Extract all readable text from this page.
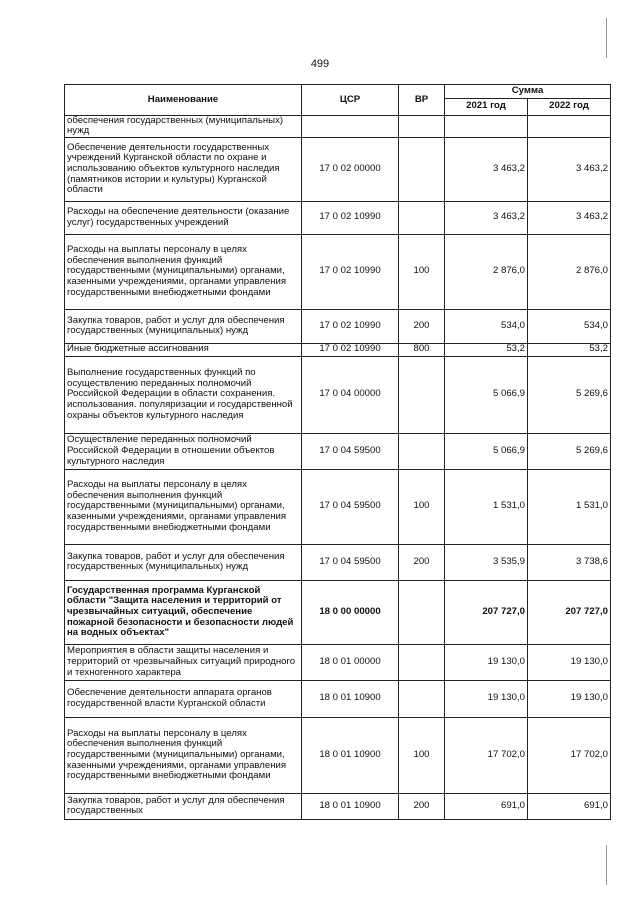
499
Наименование	ЦСР	ВР	Сумма	
			2021 год	2022 год
обеспечения государственных (муниципальных) нужд				
Обеспечение деятельности государственных учреждений Курганской области по охране и использованию объектов культурного наследия (памятников истории и культуры) Курганской области	17 0 02 00000		3 463,2	3 463,2
Расходы на обеспечение деятельности (оказание услуг) государственных учреждений	17 0 02 10990		3 463,2	3 463,2
Расходы на выплаты персоналу в целях обеспечения выполнения функций государственными (муниципальными) органами, казенными учреждениями, органами управления государственными внебюджетными фондами	17 0 02 10990	100	2 876,0	2 876,0
Закупка товаров, работ и услуг для обеспечения государственных (муниципальных) нужд	17 0 02 10990	200	534,0	534,0
Иные бюджетные ассигнования	17 0 02 10990	800	53,2	53,2
Выполнение государственных функций по осуществлению переданных полномочий Российской Федерации в области сохранения. использования. популяризации и государственной охраны объектов культурного наследия	17 0 04 00000		5 066,9	5 269,6
Осуществление переданных полномочий Российской Федерации в отношении объектов культурного наследия	17 0 04 59500		5 066,9	5 269,6
Расходы на выплаты персоналу в целях обеспечения выполнения функций государственными (муниципальными) органами, казенными учреждениями, органами управления государственными внебюджетными фондами	17 0 04 59500	100	1 531,0	1 531,0
Закупка товаров, работ и услуг для обеспечения государственных (муниципальных) нужд	17 0 04 59500	200	3 535,9	3 738,6
Государственная программа Курганской области "Защита населения и территорий от чрезвычайных ситуаций, обеспечение пожарной безопасности и безопасности людей на водных объектах"	18 0 00 00000		207 727,0	207 727,0
Мероприятия в области защиты населения и территорий от чрезвычайных ситуаций природного и техногенного характера	18 0 01 00000		19 130,0	19 130,0
Обеспечение деятельности аппарата органов государственной власти Курганской области	18 0 01 10900		19 130,0	19 130,0
Расходы на выплаты персоналу в целях обеспечения выполнения функций государственными (муниципальными) органами, казенными учреждениями, органами управления государственными внебюджетными фондами	18 0 01 10900	100	17 702,0	17 702,0
Закупка товаров, работ и услуг для обеспечения государственных	18 0 01 10900	200	691,0	691,0
